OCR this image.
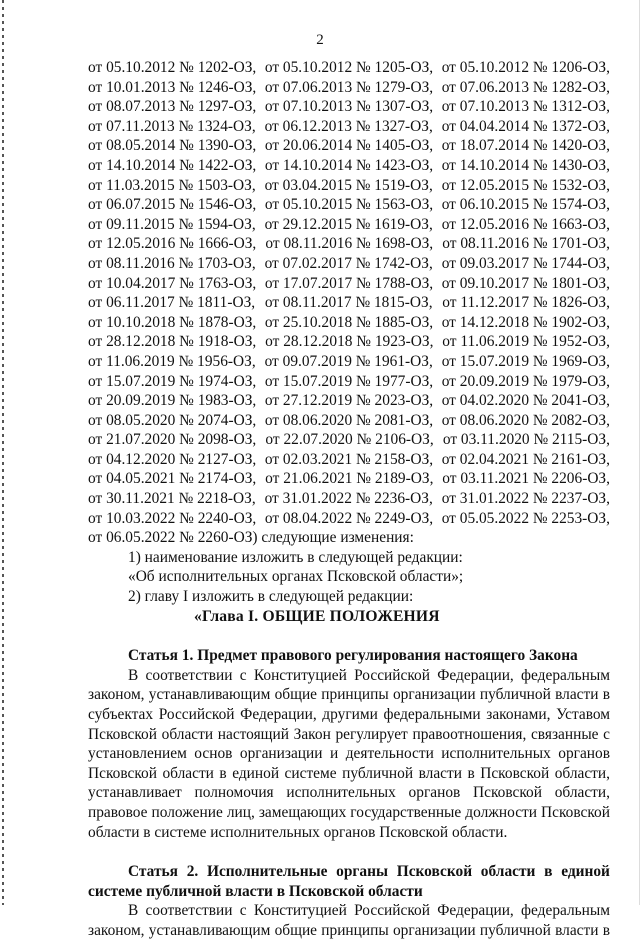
2
от 05.10.2012 № 1202-ОЗ, от 05.10.2012 № 1205-ОЗ, от 05.10.2012 № 1206-ОЗ,
от 10.01.2013 № 1246-ОЗ, от 07.06.2013 № 1279-ОЗ, от 07.06.2013 № 1282-ОЗ,
от 08.07.2013 № 1297-ОЗ, от 07.10.2013 № 1307-ОЗ, от 07.10.2013 № 1312-ОЗ,
от 07.11.2013 № 1324-ОЗ, от 06.12.2013 № 1327-ОЗ, от 04.04.2014 № 1372-ОЗ,
от 08.05.2014 № 1390-ОЗ, от 20.06.2014 № 1405-ОЗ, от 18.07.2014 № 1420-ОЗ,
от 14.10.2014 № 1422-ОЗ, от 14.10.2014 № 1423-ОЗ, от 14.10.2014 № 1430-ОЗ,
от 11.03.2015 № 1503-ОЗ, от 03.04.2015 № 1519-ОЗ, от 12.05.2015 № 1532-ОЗ,
от 06.07.2015 № 1546-ОЗ, от 05.10.2015 № 1563-ОЗ, от 06.10.2015 № 1574-ОЗ,
от 09.11.2015 № 1594-ОЗ, от 29.12.2015 № 1619-ОЗ, от 12.05.2016 № 1663-ОЗ,
от 12.05.2016 № 1666-ОЗ, от 08.11.2016 № 1698-ОЗ, от 08.11.2016 № 1701-ОЗ,
от 08.11.2016 № 1703-ОЗ, от 07.02.2017 № 1742-ОЗ, от 09.03.2017 № 1744-ОЗ,
от 10.04.2017 № 1763-ОЗ, от 17.07.2017 № 1788-ОЗ, от 09.10.2017 № 1801-ОЗ,
от 06.11.2017 № 1811-ОЗ, от 08.11.2017 № 1815-ОЗ, от 11.12.2017 № 1826-ОЗ,
от 10.10.2018 № 1878-ОЗ, от 25.10.2018 № 1885-ОЗ, от 14.12.2018 № 1902-ОЗ,
от 28.12.2018 № 1918-ОЗ, от 28.12.2018 № 1923-ОЗ, от 11.06.2019 № 1952-ОЗ,
от 11.06.2019 № 1956-ОЗ, от 09.07.2019 № 1961-ОЗ, от 15.07.2019 № 1969-ОЗ,
от 15.07.2019 № 1974-ОЗ, от 15.07.2019 № 1977-ОЗ, от 20.09.2019 № 1979-ОЗ,
от 20.09.2019 № 1983-ОЗ, от 27.12.2019 № 2023-ОЗ, от 04.02.2020 № 2041-ОЗ,
от 08.05.2020 № 2074-ОЗ, от 08.06.2020 № 2081-ОЗ, от 08.06.2020 № 2082-ОЗ,
от 21.07.2020 № 2098-ОЗ, от 22.07.2020 № 2106-ОЗ, от 03.11.2020 № 2115-ОЗ,
от 04.12.2020 № 2127-ОЗ, от 02.03.2021 № 2158-ОЗ, от 02.04.2021 № 2161-ОЗ,
от 04.05.2021 № 2174-ОЗ, от 21.06.2021 № 2189-ОЗ, от 03.11.2021 № 2206-ОЗ,
от 30.11.2021 № 2218-ОЗ, от 31.01.2022 № 2236-ОЗ, от 31.01.2022 № 2237-ОЗ,
от 10.03.2022 № 2240-ОЗ, от 08.04.2022 № 2249-ОЗ, от 05.05.2022 № 2253-ОЗ,
от 06.05.2022 № 2260-ОЗ) следующие изменения:
1) наименование изложить в следующей редакции:
«Об исполнительных органах Псковской области»;
2) главу I изложить в следующей редакции:
«Глава I. ОБЩИЕ ПОЛОЖЕНИЯ
Статья 1. Предмет правового регулирования настоящего Закона
В соответствии с Конституцией Российской Федерации, федеральным
законом, устанавливающим общие принципы организации публичной власти в
субъектах Российской Федерации, другими федеральными законами, Уставом
Псковской области настоящий Закон регулирует правоотношения, связанные с
установлением основ организации и деятельности исполнительных органов
Псковской области в единой системе публичной власти в Псковской области,
устанавливает полномочия исполнительных органов Псковской области,
правовое положение лиц, замещающих государственные должности Псковской
области в системе исполнительных органов Псковской области.
Статья 2. Исполнительные органы Псковской области в единой
системе публичной власти в Псковской области
В соответствии с Конституцией Российской Федерации, федеральным
законом, устанавливающим общие принципы организации публичной власти в
